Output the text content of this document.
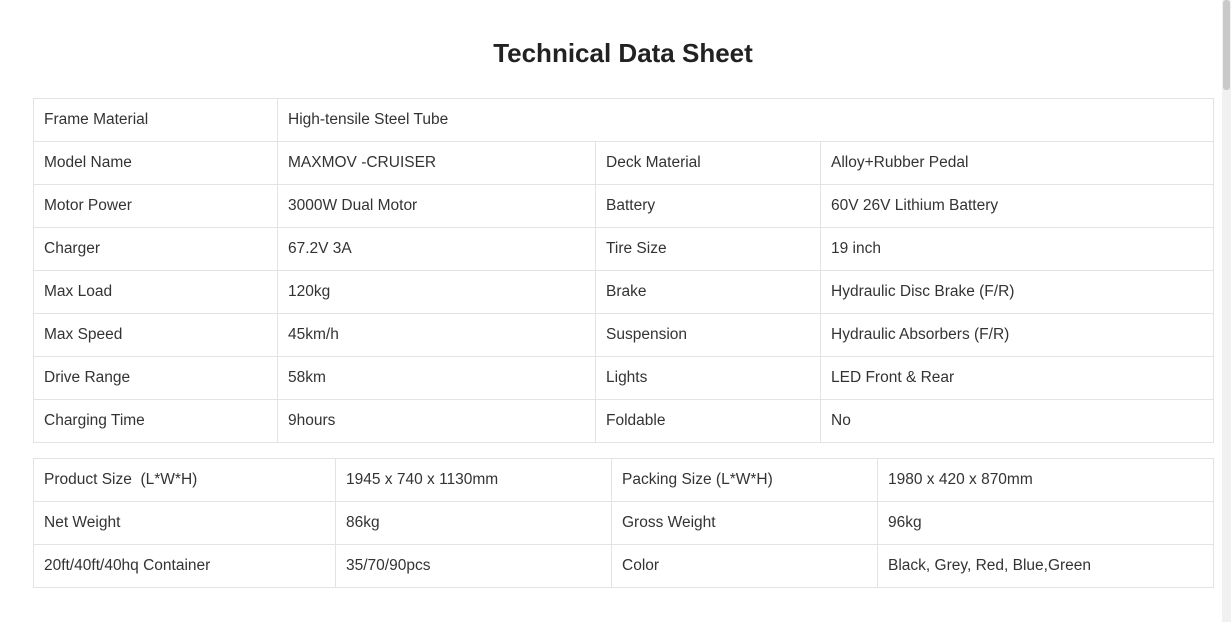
Technical Data Sheet
Frame Material	High-tensile Steel Tube		
Model Name	MAXMOV -CRUISER	Deck Material	Alloy+Rubber Pedal
Motor Power	3000W Dual Motor	Battery	60V 26V Lithium Battery
Charger	67.2V 3A	Tire Size	19 inch
Max Load	120kg	Brake	Hydraulic Disc Brake (F/R)
Max Speed	45km/h	Suspension	Hydraulic Absorbers (F/R)
Drive Range	58km	Lights	LED Front & Rear
Charging Time	9hours	Foldable	No
Product Size  (L*W*H)	1945 x 740 x 1130mm	Packing Size (L*W*H)	1980 x 420 x 870mm
Net Weight	86kg	Gross Weight	96kg
20ft/40ft/40hq Container	35/70/90pcs	Color	Black, Grey, Red, Blue,Green
